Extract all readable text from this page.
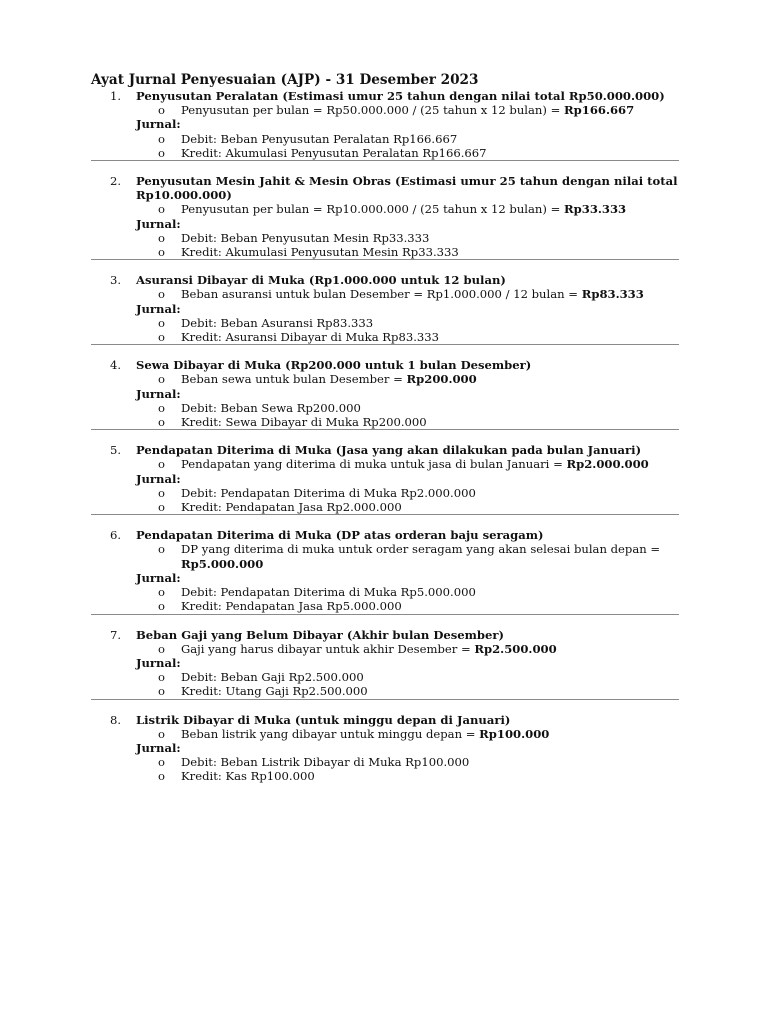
Ayat Jurnal Penyesuaian (AJP) - 31 Desember 2023
1.	Penyusutan Peralatan (Estimasi umur 25 tahun dengan nilai total Rp50.000.000)
o Penyusutan per bulan = Rp50.000.000 / (25 tahun x 12 bulan) = Rp166.667
Jurnal:
o Debit: Beban Penyusutan Peralatan Rp166.667
o Kredit: Akumulasi Penyusutan Peralatan Rp166.667
2.	Penyusutan Mesin Jahit & Mesin Obras (Estimasi umur 25 tahun dengan nilai total Rp10.000.000)
o Penyusutan per bulan = Rp10.000.000 / (25 tahun x 12 bulan) = Rp33.333
Jurnal:
o Debit: Beban Penyusutan Mesin Rp33.333
o Kredit: Akumulasi Penyusutan Mesin Rp33.333
3.	Asuransi Dibayar di Muka (Rp1.000.000 untuk 12 bulan)
o Beban asuransi untuk bulan Desember = Rp1.000.000 / 12 bulan = Rp83.333
Jurnal:
o Debit: Beban Asuransi Rp83.333
o Kredit: Asuransi Dibayar di Muka Rp83.333
4.	Sewa Dibayar di Muka (Rp200.000 untuk 1 bulan Desember)
o Beban sewa untuk bulan Desember = Rp200.000
Jurnal:
o Debit: Beban Sewa Rp200.000
o Kredit: Sewa Dibayar di Muka Rp200.000
5.	Pendapatan Diterima di Muka (Jasa yang akan dilakukan pada bulan Januari)
o Pendapatan yang diterima di muka untuk jasa di bulan Januari = Rp2.000.000
Jurnal:
o Debit: Pendapatan Diterima di Muka Rp2.000.000
o Kredit: Pendapatan Jasa Rp2.000.000
6.	Pendapatan Diterima di Muka (DP atas orderan baju seragam)
o DP yang diterima di muka untuk order seragam yang akan selesai bulan depan = Rp5.000.000
Jurnal:
o Debit: Pendapatan Diterima di Muka Rp5.000.000
o Kredit: Pendapatan Jasa Rp5.000.000
7.	Beban Gaji yang Belum Dibayar (Akhir bulan Desember)
o Gaji yang harus dibayar untuk akhir Desember = Rp2.500.000
Jurnal:
o Debit: Beban Gaji Rp2.500.000
o Kredit: Utang Gaji Rp2.500.000
8.	Listrik Dibayar di Muka (untuk minggu depan di Januari)
o Beban listrik yang dibayar untuk minggu depan = Rp100.000
Jurnal:
o Debit: Beban Listrik Dibayar di Muka Rp100.000
o Kredit: Kas Rp100.000
